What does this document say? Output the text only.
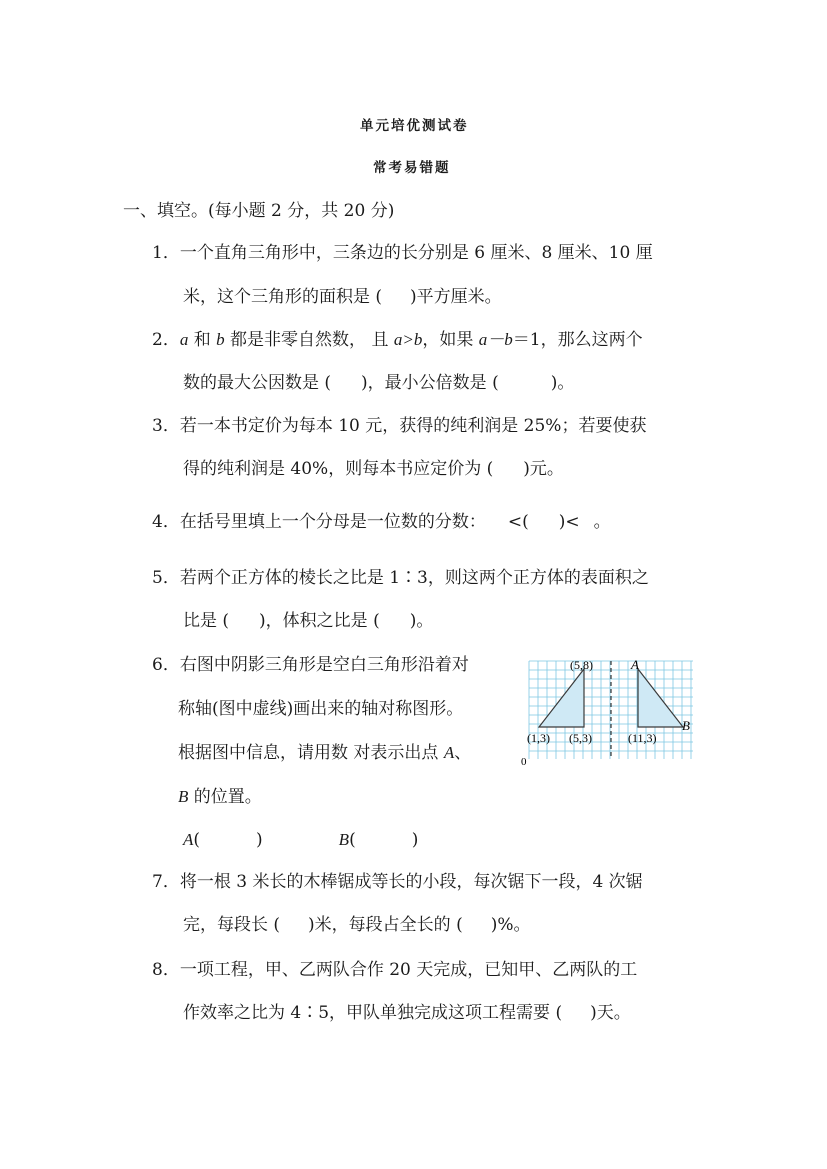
单元培优测试卷
常考易错题
一、填空。(每小题 2 分，共 20 分)
1．一个直角三角形中，三条边的长分别是 6 厘米、8 厘米、10 厘
米，这个三角形的面积是 ( )平方厘米。
2．a 和 b 都是非零自然数， 且 a>b，如果 a－b＝1，那么这两个
数的最大公因数是 ( )，最小公倍数是 (	)。
3．若一本书定价为每本 10 元，获得的纯利润是 25%；若要使获
得的纯利润是 40%，则每本书应定价为 ( )元。
4．在括号里填上一个分母是一位数的分数： <( )< 。
5．若两个正方体的棱长之比是 1∶3，则这两个正方体的表面积之
比是 ( )，体积之比是 ( )。
6．右图中阴影三角形是空白三角形沿着对
称轴(图中虚线)画出来的轴对称图形。
根据图中信息，请用数 对表示出点 A、
B 的位置。
A(	)	B(	)
(5,8)	A
B
(1,3) (5,3)	(11,3)
0
7．将一根 3 米长的木棒锯成等长的小段，每次锯下一段，4 次锯
完，每段长 ( )米，每段占全长的 ( )%。
8．一项工程，甲、乙两队合作 20 天完成，已知甲、乙两队的工
作效率之比为 4∶5，甲队单独完成这项工程需要 ( )天。
